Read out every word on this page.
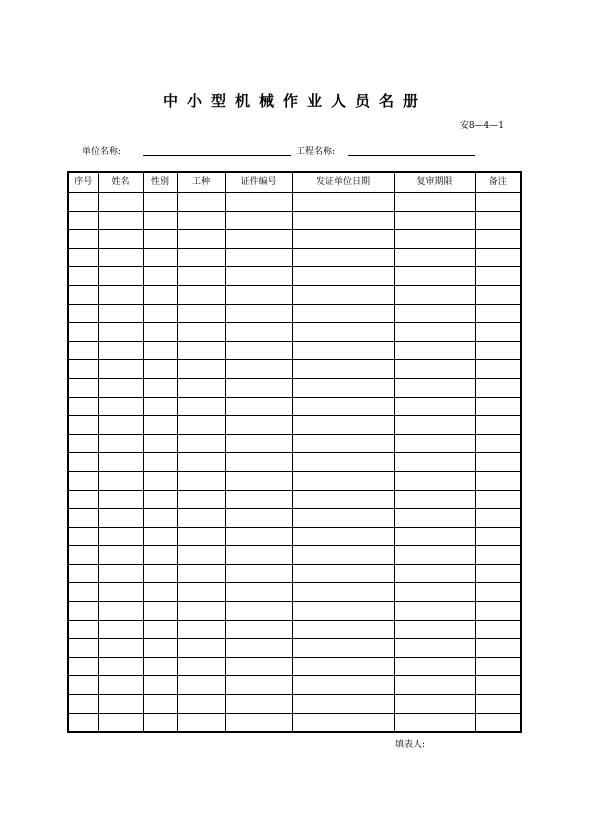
中小型机械作业人员名册
安8—4—1
单位名称:	工程名称:
序号	姓名	性别	工种	证件编号	发证单位日期	复审期限	备注

填表人:
